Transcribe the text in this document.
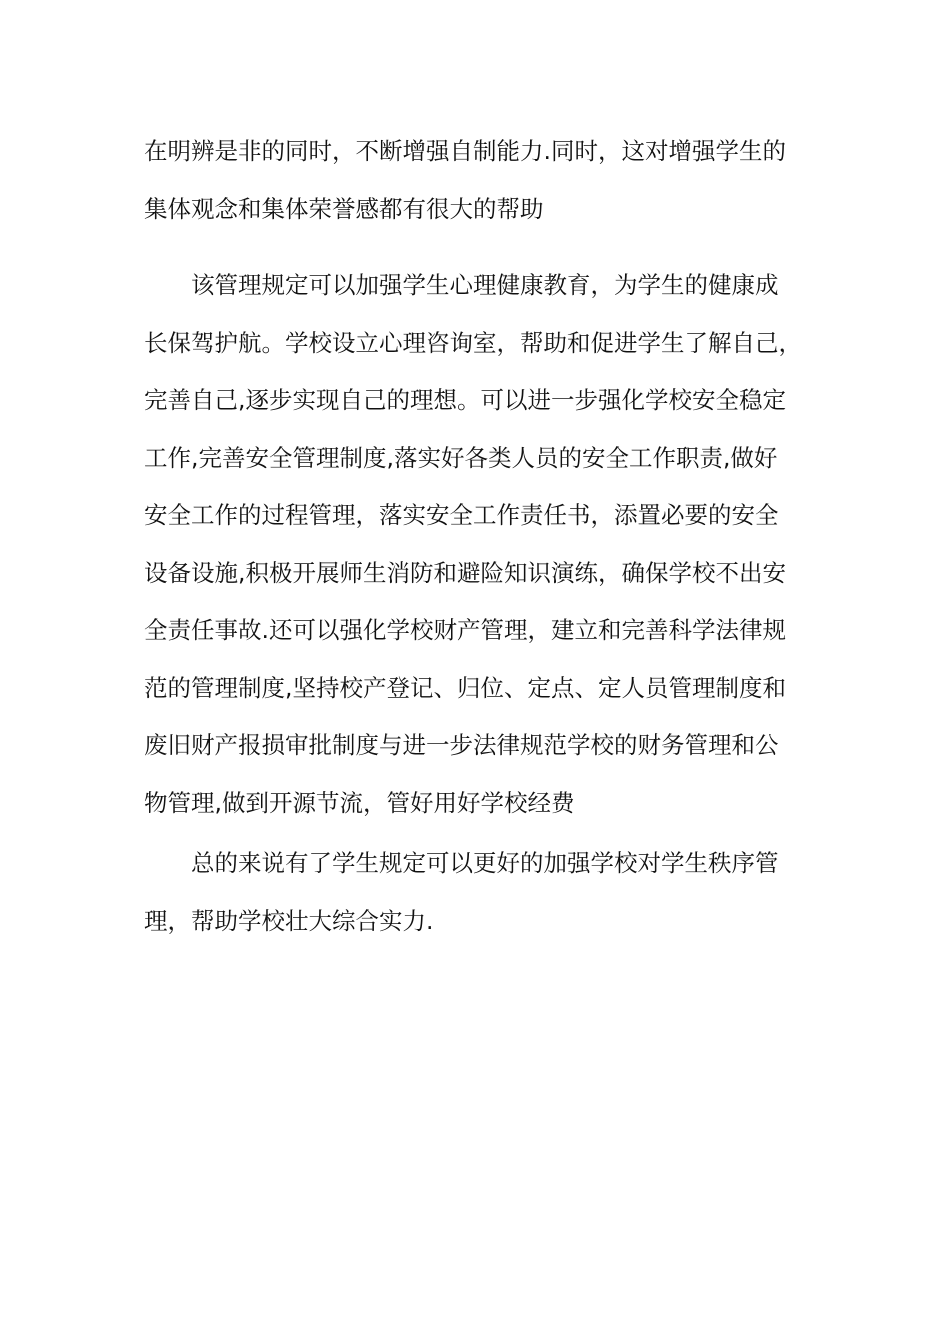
在明辨是非的同时，不断增强自制能力.同时，这对增强学生的
集体观念和集体荣誉感都有很大的帮助
该管理规定可以加强学生心理健康教育，为学生的健康成
长保驾护航。学校设立心理咨询室，帮助和促进学生了解自己，
完善自己,逐步实现自己的理想。可以进一步强化学校安全稳定
工作,完善安全管理制度,落实好各类人员的安全工作职责,做好
安全工作的过程管理，落实安全工作责任书，添置必要的安全
设备设施,积极开展师生消防和避险知识演练，确保学校不出安
全责任事故.还可以强化学校财产管理，建立和完善科学法律规
范的管理制度,坚持校产登记、归位、定点、定人员管理制度和
废旧财产报损审批制度与进一步法律规范学校的财务管理和公
物管理,做到开源节流，管好用好学校经费
总的来说有了学生规定可以更好的加强学校对学生秩序管
理，帮助学校壮大综合实力.
